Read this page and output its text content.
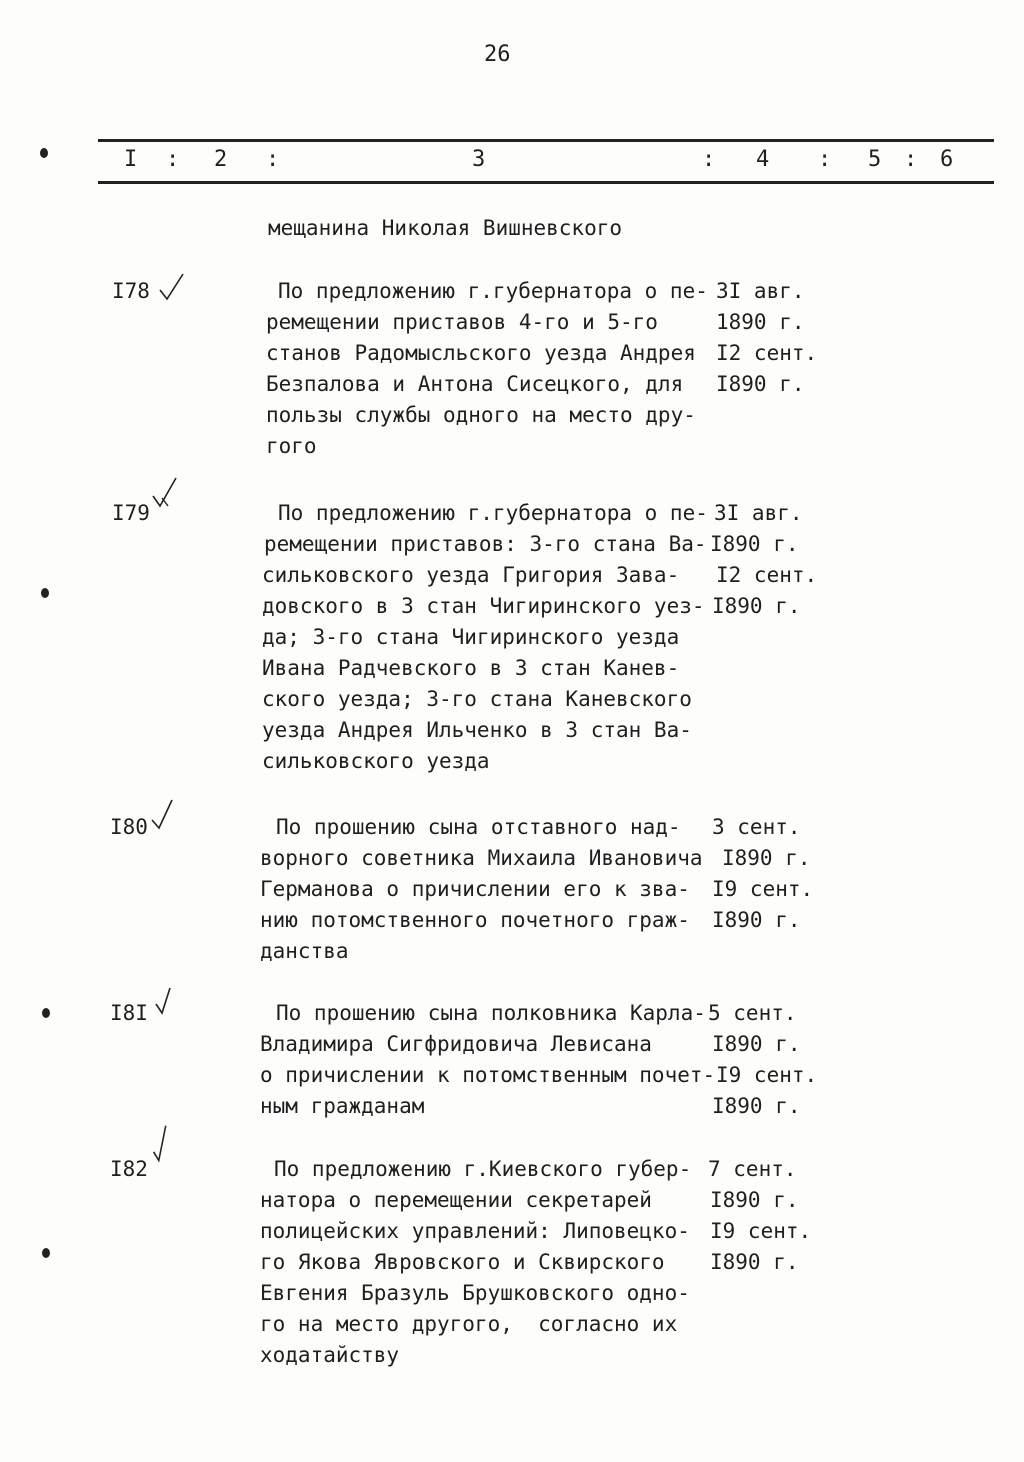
26
I : 2 :	3	: 4 : 5 : 6
мещанина Николая Вишневского
I78	По предложению г.губернатора о пе-
ремещении приставов 4-го и 5-го
станов Радомысльского уезда Андрея
Безпалова и Антона Сисецкого, для
пользы службы одного на место дру-
гого
3I авг.
1890 г.
I2 сент.
I890 г.
I79	По предложению г.губернатора о пе-
ремещении приставов: 3-го стана Ва-
сильковского уезда Григория Зава-
довского в 3 стан Чигиринского уез-
да; 3-го стана Чигиринского уезда
Ивана Радчевского в 3 стан Канев-
ского уезда; 3-го стана Каневского
уезда Андрея Ильченко в 3 стан Ва-
сильковского уезда
3I авг.
I890 г.
I2 сент.
I890 г.
I80	По прошению сына отставного над-
ворного советника Михаила Ивановича
Германова о причислении его к зва-
нию потомственного почетного граж-
данства
3 сент.
I890 г.
I9 сент.
I890 г.
I8I	По прошению сына полковника Карла-
Владимира Сигфридовича Левисана
о причислении к потомственным почет-
ным гражданам
5 сент.
I890 г.
I9 сент.
I890 г.
I82	По предложению г.Киевского губер-
натора о перемещении секретарей
полицейских управлений: Липовецко-
го Якова Явровского и Сквирского
Евгения Бразуль Брушковского одно-
го на место другого,  согласно их
ходатайству
7 сент.
I890 г.
I9 сент.
I890 г.
